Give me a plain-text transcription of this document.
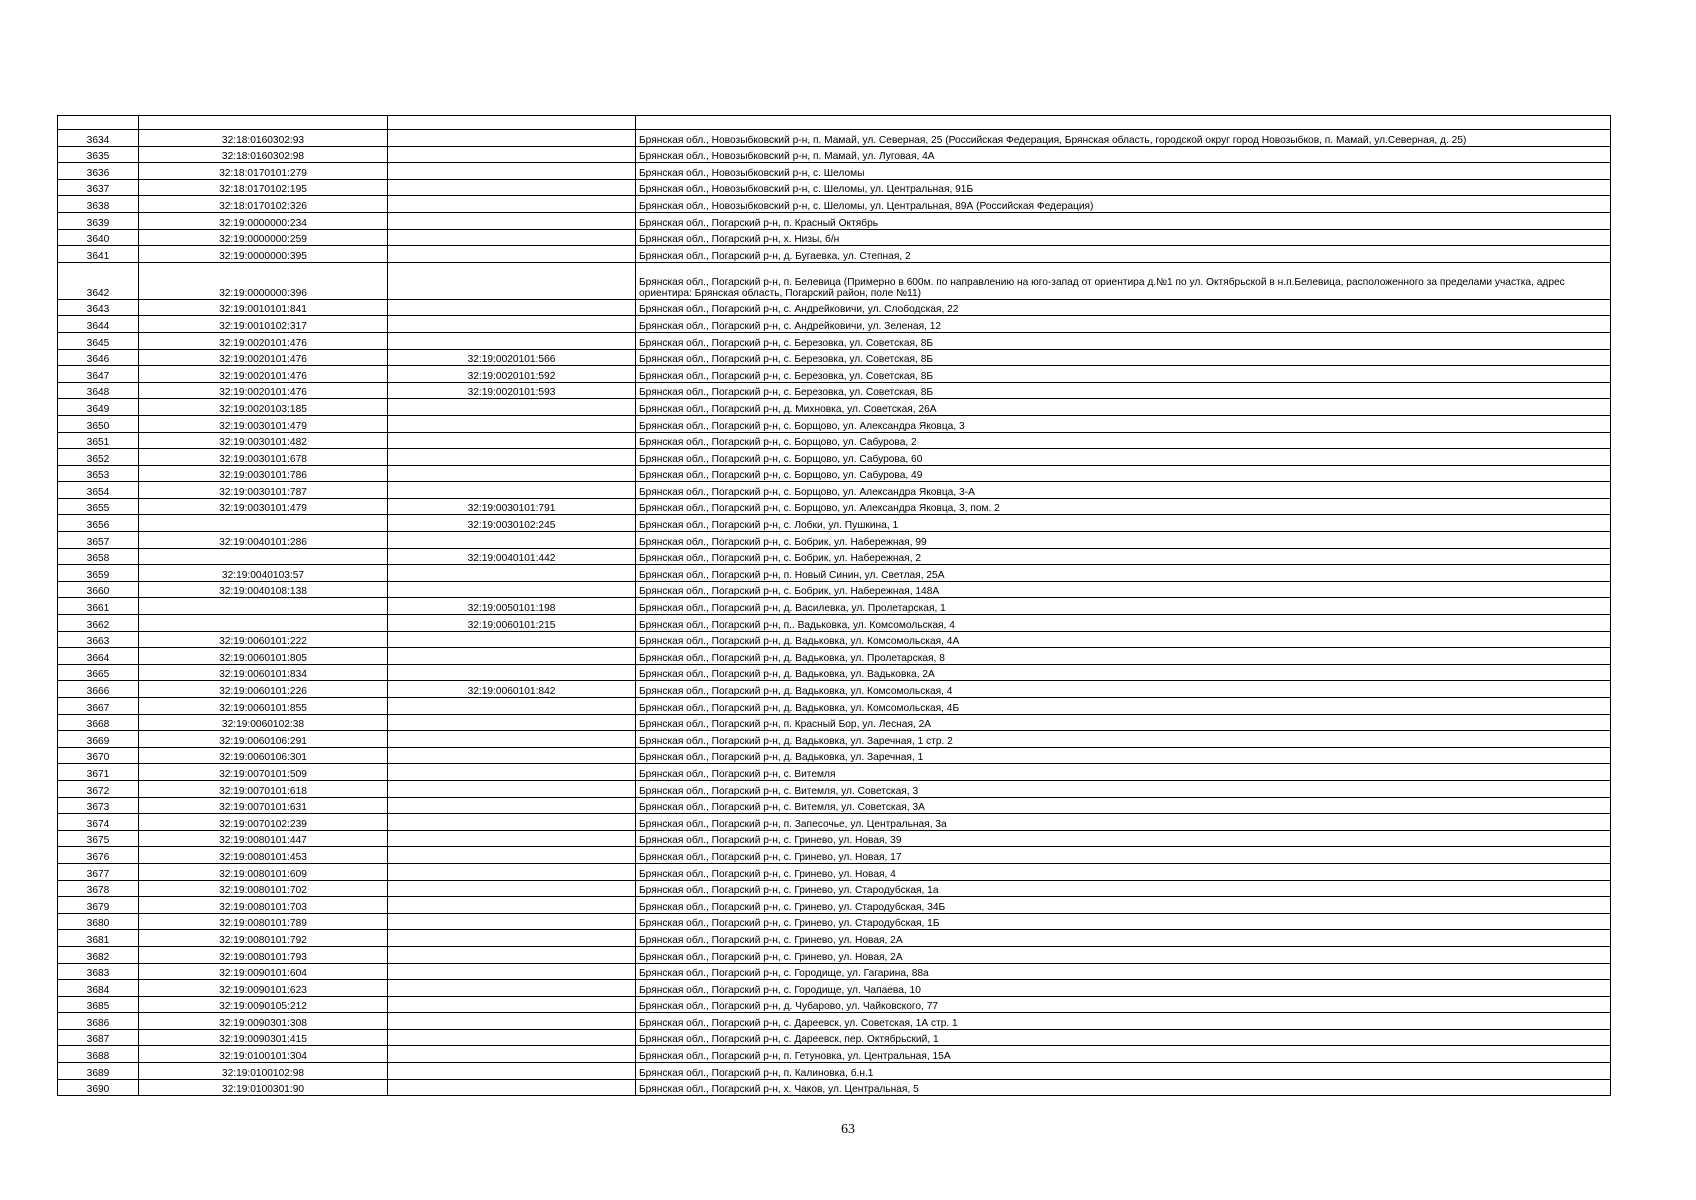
3634	32:18:0160302:93		Брянская обл., Новозыбковский р-н, п. Мамай, ул. Северная, 25 (Российская Федерация, Брянская область, городской округ город Новозыбков, п. Мамай, ул.Северная, д. 25)
3635	32:18:0160302:98		Брянская обл., Новозыбковский р-н, п. Мамай, ул. Луговая, 4А
3636	32:18:0170101:279		Брянская обл., Новозыбковский р-н, с. Шеломы
3637	32:18:0170102:195		Брянская обл., Новозыбковский р-н, с. Шеломы, ул. Центральная, 91Б
3638	32:18:0170102:326		Брянская обл., Новозыбковский р-н, с. Шеломы, ул. Центральная, 89А (Российская Федерация)
3639	32:19:0000000:234		Брянская обл., Погарский р-н, п. Красный Октябрь
3640	32:19:0000000:259		Брянская обл., Погарский р-н, х. Низы, б/н
3641	32:19:0000000:395		Брянская обл., Погарский р-н, д. Бугаевка, ул. Степная, 2
3642	32:19:0000000:396		Брянская обл., Погарский р-н, п. Белевица (Примерно в 600м. по направлению на юго-запад от ориентира д.№1 по ул. Октябрьской в н.п.Белевица, расположенного за пределами участка, адрес ориентира: Брянская область, Погарский район, поле №11)
3643	32:19:0010101:841		Брянская обл., Погарский р-н, с. Андрейковичи, ул. Слободская, 22
3644	32:19:0010102:317		Брянская обл., Погарский р-н, с. Андрейковичи, ул. Зеленая, 12
3645	32:19:0020101:476		Брянская обл., Погарский р-н, с. Березовка, ул. Советская, 8Б
3646	32:19:0020101:476	32:19:0020101:566	Брянская обл., Погарский р-н, с. Березовка, ул. Советская, 8Б
3647	32:19:0020101:476	32:19:0020101:592	Брянская обл., Погарский р-н, с. Березовка, ул. Советская, 8Б
3648	32:19:0020101:476	32:19:0020101:593	Брянская обл., Погарский р-н, с. Березовка, ул. Советская, 8Б
3649	32:19:0020103:185		Брянская обл., Погарский р-н, д. Михновка, ул. Советская, 26А
3650	32:19:0030101:479		Брянская обл., Погарский р-н, с. Борщово, ул. Александра Яковца, 3
3651	32:19:0030101:482		Брянская обл., Погарский р-н, с. Борщово, ул. Сабурова, 2
3652	32:19:0030101:678		Брянская обл., Погарский р-н, с. Борщово, ул. Сабурова, 60
3653	32:19:0030101:786		Брянская обл., Погарский р-н, с. Борщово, ул. Сабурова, 49
3654	32:19:0030101:787		Брянская обл., Погарский р-н, с. Борщово, ул. Александра Яковца, 3-А
3655	32:19:0030101:479	32:19:0030101:791	Брянская обл., Погарский р-н, с. Борщово, ул. Александра Яковца, 3, пом. 2
3656		32:19:0030102:245	Брянская обл., Погарский р-н, с. Лобки, ул. Пушкина, 1
3657	32:19:0040101:286		Брянская обл., Погарский р-н, с. Бобрик, ул. Набережная, 99
3658		32:19:0040101:442	Брянская обл., Погарский р-н, с. Бобрик, ул. Набережная, 2
3659	32:19:0040103:57		Брянская обл., Погарский р-н, п. Новый Синин, ул. Светлая, 25А
3660	32:19:0040108:138		Брянская обл., Погарский р-н, с. Бобрик, ул. Набережная, 148А
3661		32:19:0050101:198	Брянская обл., Погарский р-н, д. Василевка, ул. Пролетарская, 1
3662		32:19:0060101:215	Брянская обл., Погарский р-н, п.. Вадьковка, ул. Комсомольская, 4
3663	32:19:0060101:222		Брянская обл., Погарский р-н, д. Вадьковка, ул. Комсомольская, 4А
3664	32:19:0060101:805		Брянская обл., Погарский р-н, д. Вадьковка, ул. Пролетарская, 8
3665	32:19:0060101:834		Брянская обл., Погарский р-н, д. Вадьковка, ул. Вадьковка, 2А
3666	32:19:0060101:226	32:19:0060101:842	Брянская обл., Погарский р-н, д. Вадьковка, ул. Комсомольская, 4
3667	32:19:0060101:855		Брянская обл., Погарский р-н, д. Вадьковка, ул. Комсомольская, 4Б
3668	32:19:0060102:38		Брянская обл., Погарский р-н, п. Красный Бор, ул. Лесная, 2А
3669	32:19:0060106:291		Брянская обл., Погарский р-н, д. Вадьковка, ул. Заречная, 1 стр. 2
3670	32:19:0060106:301		Брянская обл., Погарский р-н, д. Вадьковка, ул. Заречная, 1
3671	32:19:0070101:509		Брянская обл., Погарский р-н, с. Витемля
3672	32:19:0070101:618		Брянская обл., Погарский р-н, с. Витемля, ул. Советская, 3
3673	32:19:0070101:631		Брянская обл., Погарский р-н, с. Витемля, ул. Советская, 3А
3674	32:19:0070102:239		Брянская обл., Погарский р-н, п. Запесочье, ул. Центральная, 3а
3675	32:19:0080101:447		Брянская обл., Погарский р-н, с. Гринево, ул. Новая, 39
3676	32:19:0080101:453		Брянская обл., Погарский р-н, с. Гринево, ул. Новая, 17
3677	32:19:0080101:609		Брянская обл., Погарский р-н, с. Гринево, ул. Новая, 4
3678	32:19:0080101:702		Брянская обл., Погарский р-н, с. Гринево, ул. Стародубская, 1а
3679	32:19:0080101:703		Брянская обл., Погарский р-н, с. Гринево, ул. Стародубская, 34Б
3680	32:19:0080101:789		Брянская обл., Погарский р-н, с. Гринево, ул. Стародубская, 1Б
3681	32:19:0080101:792		Брянская обл., Погарский р-н, с. Гринево, ул. Новая, 2А
3682	32:19:0080101:793		Брянская обл., Погарский р-н, с. Гринево, ул. Новая, 2А
3683	32:19:0090101:604		Брянская обл., Погарский р-н, с. Городище, ул. Гагарина, 88а
3684	32:19:0090101:623		Брянская обл., Погарский р-н, с. Городище, ул. Чапаева, 10
3685	32:19:0090105:212		Брянская обл., Погарский р-н, д. Чубарово, ул. Чайковского, 77
3686	32:19:0090301:308		Брянская обл., Погарский р-н, с. Дареевск, ул. Советская, 1А стр. 1
3687	32:19:0090301:415		Брянская обл., Погарский р-н, с. Дареевск, пер. Октябрьский, 1
3688	32:19:0100101:304		Брянская обл., Погарский р-н, п. Гетуновка, ул. Центральная, 15А
3689	32:19:0100102:98		Брянская обл., Погарский р-н, п. Калиновка, б.н.1
3690	32:19:0100301:90		Брянская обл., Погарский р-н, х. Чаков, ул. Центральная, 5
63
